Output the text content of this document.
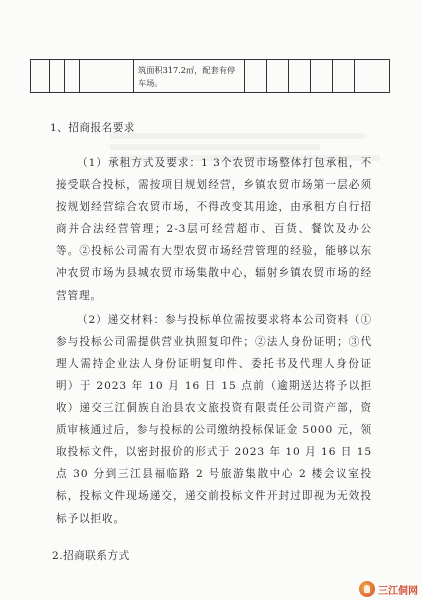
筑面积317.2㎡，配套有停
车场。
1、招商报名要求

（1）承租方式及要求：1 3个农贸市场整体打包承租，不接受联合投标，需按项目规划经营，乡镇农贸市场第一层必须按规划经营综合农贸市场，不得改变其用途，由承租方自行招商并合法经营管理；2-3层可经营超市、百货、餐饮及办公等。②投标公司需有大型农贸市场经营管理的经验，能够以东冲农贸市场为县城农贸市场集散中心，辐射乡镇农贸市场的经营管理。

（2）递交材料：参与投标单位需按要求将本公司资料（①参与投标公司需提供营业执照复印件；②法人身份证明；③代理人需持企业法人身份证明复印件、委托书及代理人身份证明）于 2023 年 10 月 16 日 15 点前（逾期送达将予以拒收）递交三江侗族自治县农文旅投资有限责任公司资产部，资质审核通过后，参与投标的公司缴纳投标保证金 5000 元，领取投标文件，以密封报价的形式于 2023 年 10 月 16 日 15 点 30 分到三江县福临路 2 号旅游集散中心 2 楼会议室投标，投标文件现场递交，递交前投标文件开封过即视为无效投标予以拒收。

2.招商联系方式
三江侗网
